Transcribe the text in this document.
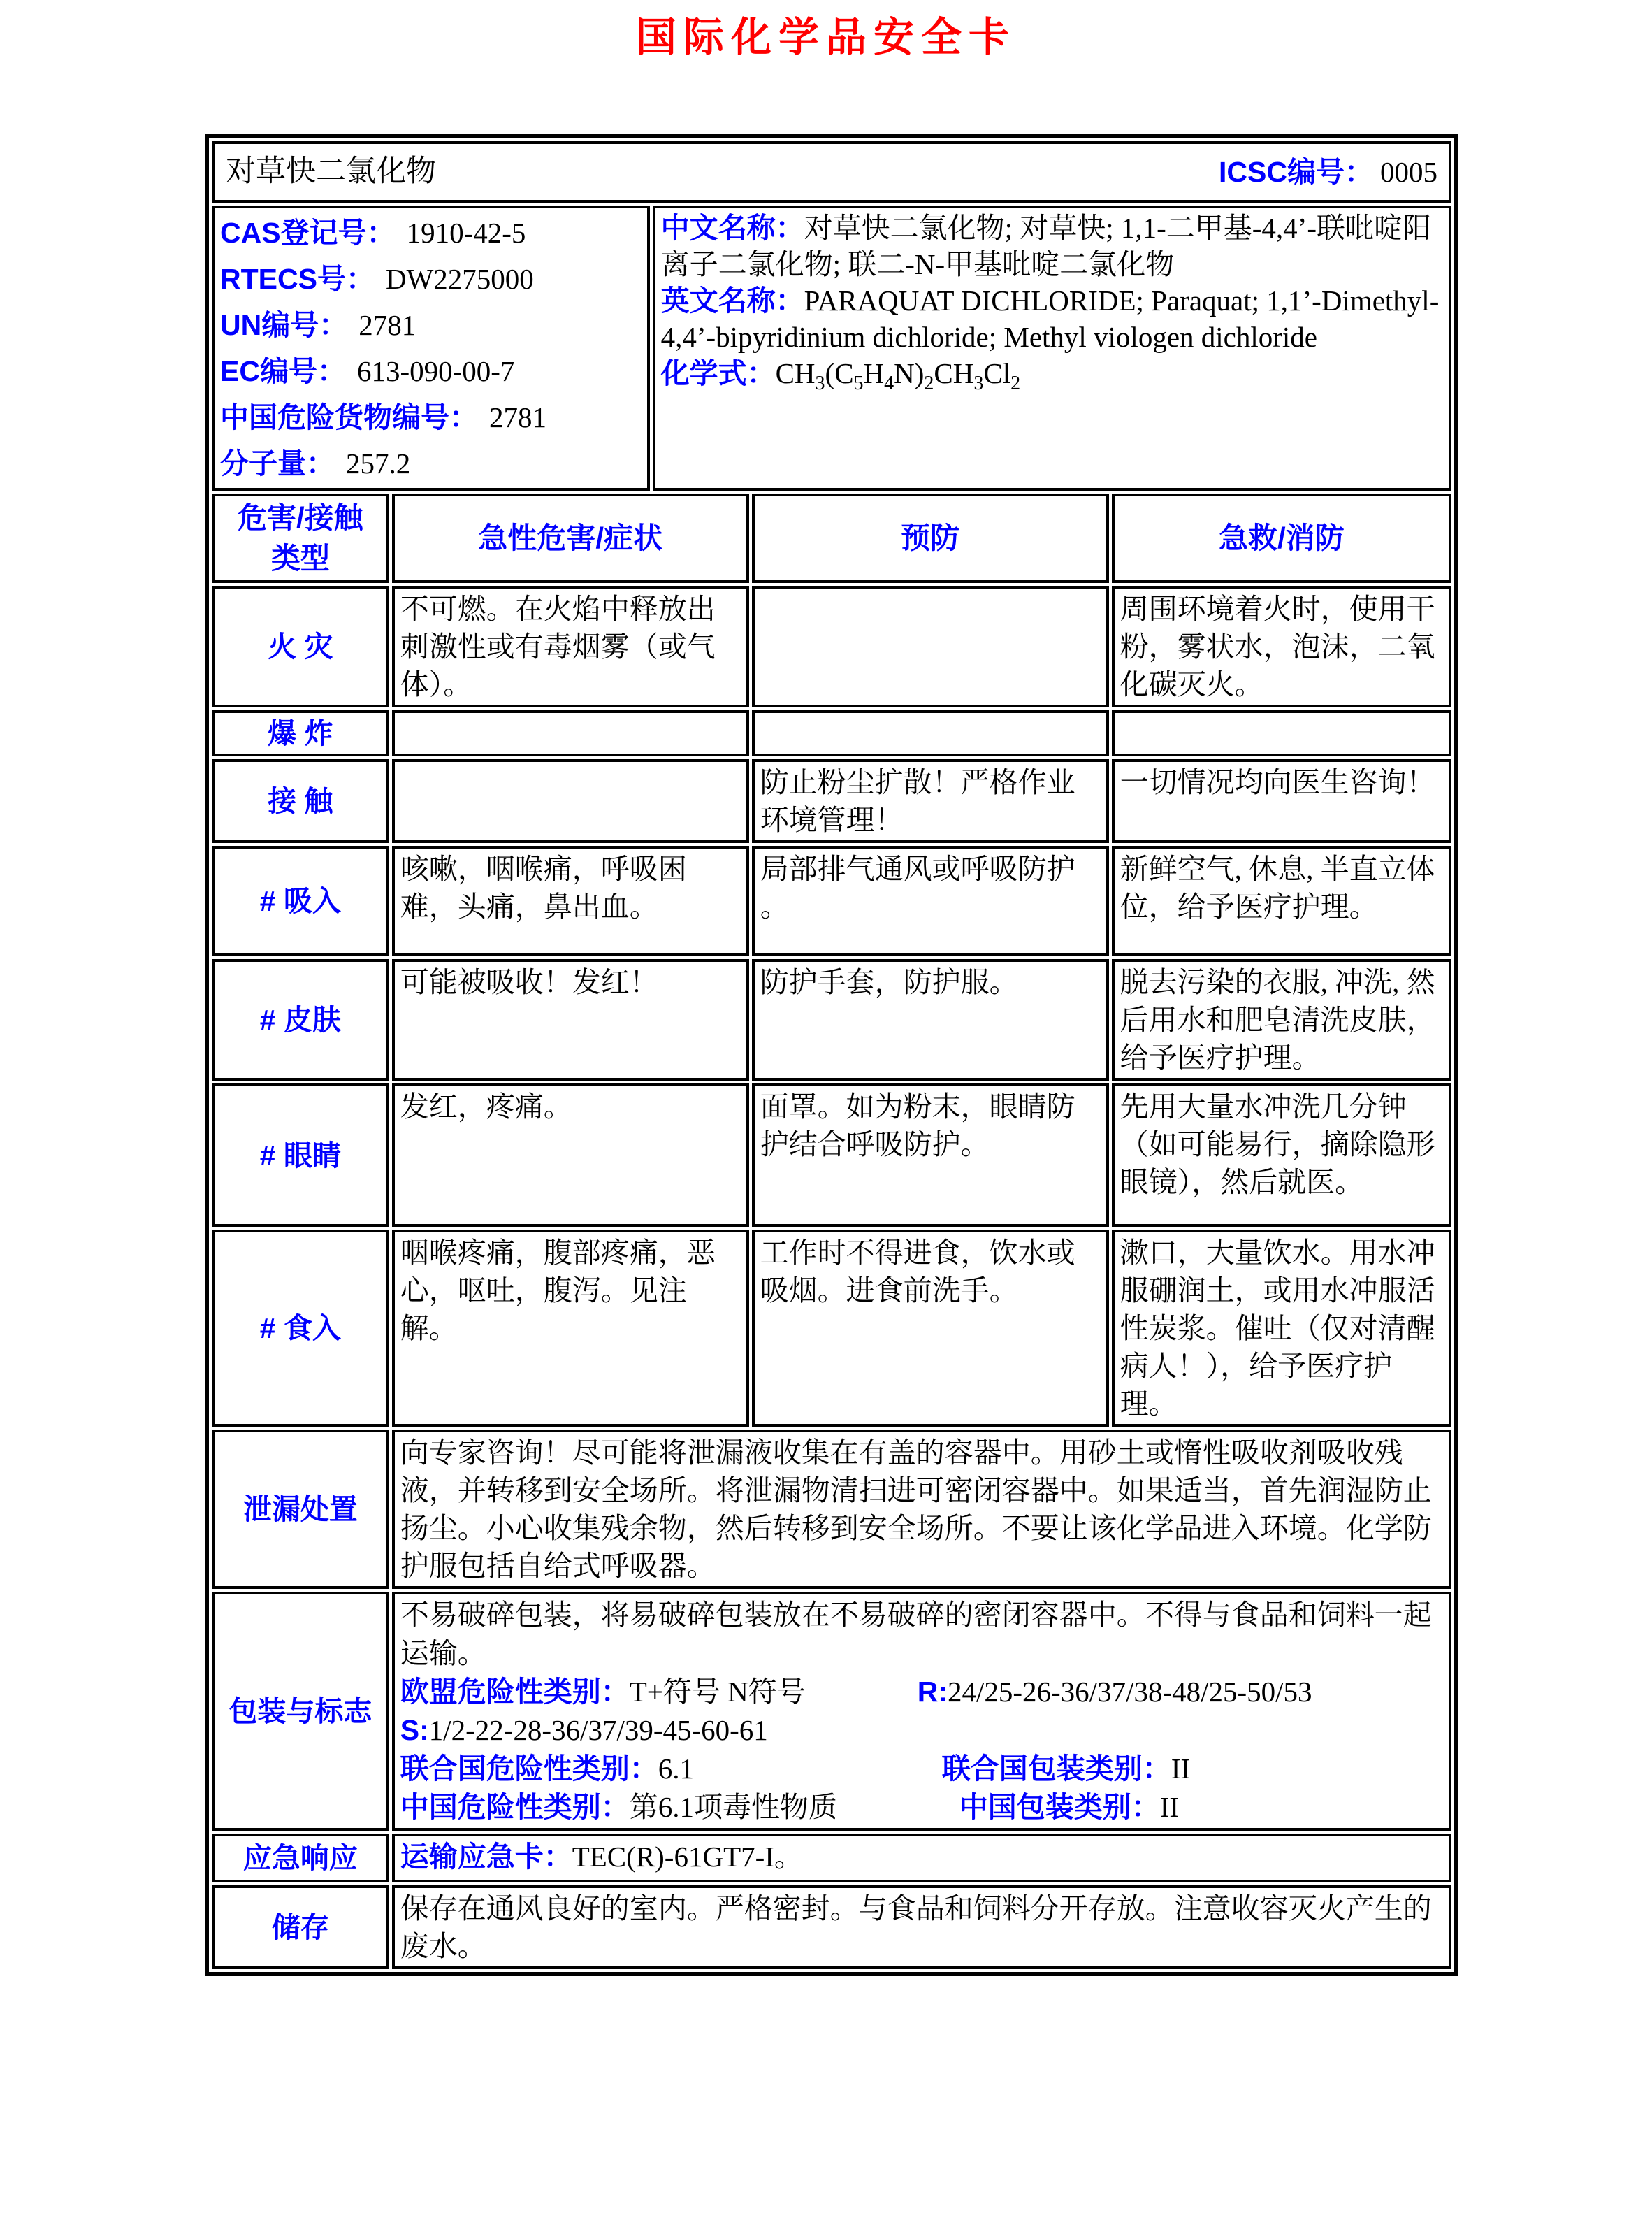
国际化学品安全卡
对草快二氯化物	ICSC编号： 0005

CAS登记号： 1910-42-5
RTECS号： DW2275000
UN编号： 2781
EC编号： 613-090-00-7
中国危险货物编号： 2781
分子量： 257.2

中文名称：对草快二氯化物; 对草快; 1,1-二甲基-4,4’-联吡啶阳离子二氯化物; 联二-N-甲基吡啶二氯化物

英文名称：PARAQUAT DICHLORIDE; Paraquat; 1,1’-Dimethyl-4,4’-bipyridinium dichloride; Methyl viologen dichloride

化学式：$CH_3(C_5H_4N)_2CH_3Cl_2$

危害/接触
类型	急性危害/症状	预防	急救/消防
火 灾	不可燃。在火焰中释放出刺激性或有毒烟雾（或气体）。		周围环境着火时，使用干粉，雾状水，泡沫，二氧化碳灭火。
爆 炸			
接 触		防止粉尘扩散！严格作业环境管理！	一切情况均向医生咨询！
# 吸入	咳嗽，咽喉痛，呼吸困难，头痛，鼻出血。	局部排气通风或呼吸防护 。	新鲜空气, 休息, 半直立体位，给予医疗护理。
# 皮肤	可能被吸收！发红！	防护手套，防护服。	脱去污染的衣服, 冲洗, 然后用水和肥皂清洗皮肤，给予医疗护理。
# 眼睛	发红，疼痛。	面罩。如为粉末，眼睛防护结合呼吸防护。	先用大量水冲洗几分钟（如可能易行，摘除隐形眼镜），然后就医。
# 食入	咽喉疼痛，腹部疼痛，恶心，呕吐，腹泻。见注解。	工作时不得进食，饮水或吸烟。进食前洗手。	漱口，大量饮水。用水冲服硼润土，或用水冲服活性炭浆。催吐（仅对清醒病人！），给予医疗护理。
泄漏处置	向专家咨询！尽可能将泄漏液收集在有盖的容器中。用砂土或惰性吸收剂吸收残液，并转移到安全场所。将泄漏物清扫进可密闭容器中。如果适当，首先润湿防止扬尘。小心收集残余物，然后转移到安全场所。不要让该化学品进入环境。化学防护服包括自给式呼吸器。		
包装与标志	不易破碎包装，将易破碎包装放在不易破碎的密闭容器中。不得与食品和饲料一起运输。

欧盟危险性类别：T+符号 N符号 R:24/25-26-36/37/38-48/25-50/53

S:1/2-22-28-36/37/39-45-60-61

联合国危险性类别：6.1 联合国包装类别：II

中国危险性类别：第6.1项毒性物质 中国包装类别：II		

应急响应	运输应急卡：TEC(R)-61GT7-I。		
储存	保存在通风良好的室内。严格密封。与食品和饲料分开存放。注意收容灭火产生的废水。		
